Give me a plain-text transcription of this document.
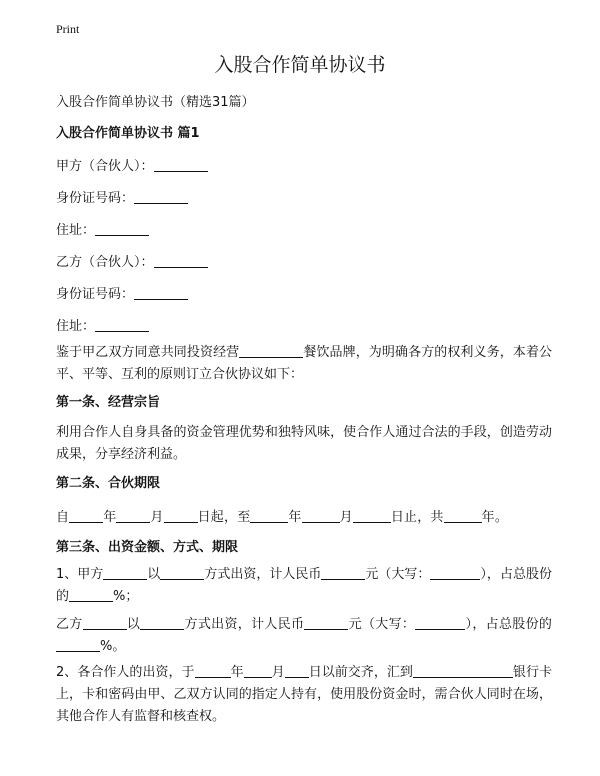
Print
入股合作简单协议书
入股合作简单协议书（精选31篇）
入股合作简单协议书 篇1
甲方（合伙人）：
身份证号码：
住址：
乙方（合伙人）：
身份证号码：
住址：
鉴于甲乙双方同意共同投资经营	餐饮品牌，为明确各方的权利义务，本着公平、平等、互利的原则订立合伙协议如下：
第一条、经营宗旨
利用合作人自身具备的资金管理优势和独特风味，使合作人通过合法的手段，创造劳动成果，分享经济利益。
第二条、合伙期限
自	年	月	日起，至	年	月	日止，共	年。
第三条、出资金额、方式、期限
1、甲方	以	方式出资，计人民币	元（大写：	），占总股份的	%；
乙方	以	方式出资，计人民币	元（大写：	），占总股份的%。
2、各合作人的出资，于	年 月 日以前交齐，汇到	银行卡上，卡和密码由甲、乙双方认同的指定人持有，使用股份资金时，需合伙人同时在场，其他合作人有监督和核查权。
